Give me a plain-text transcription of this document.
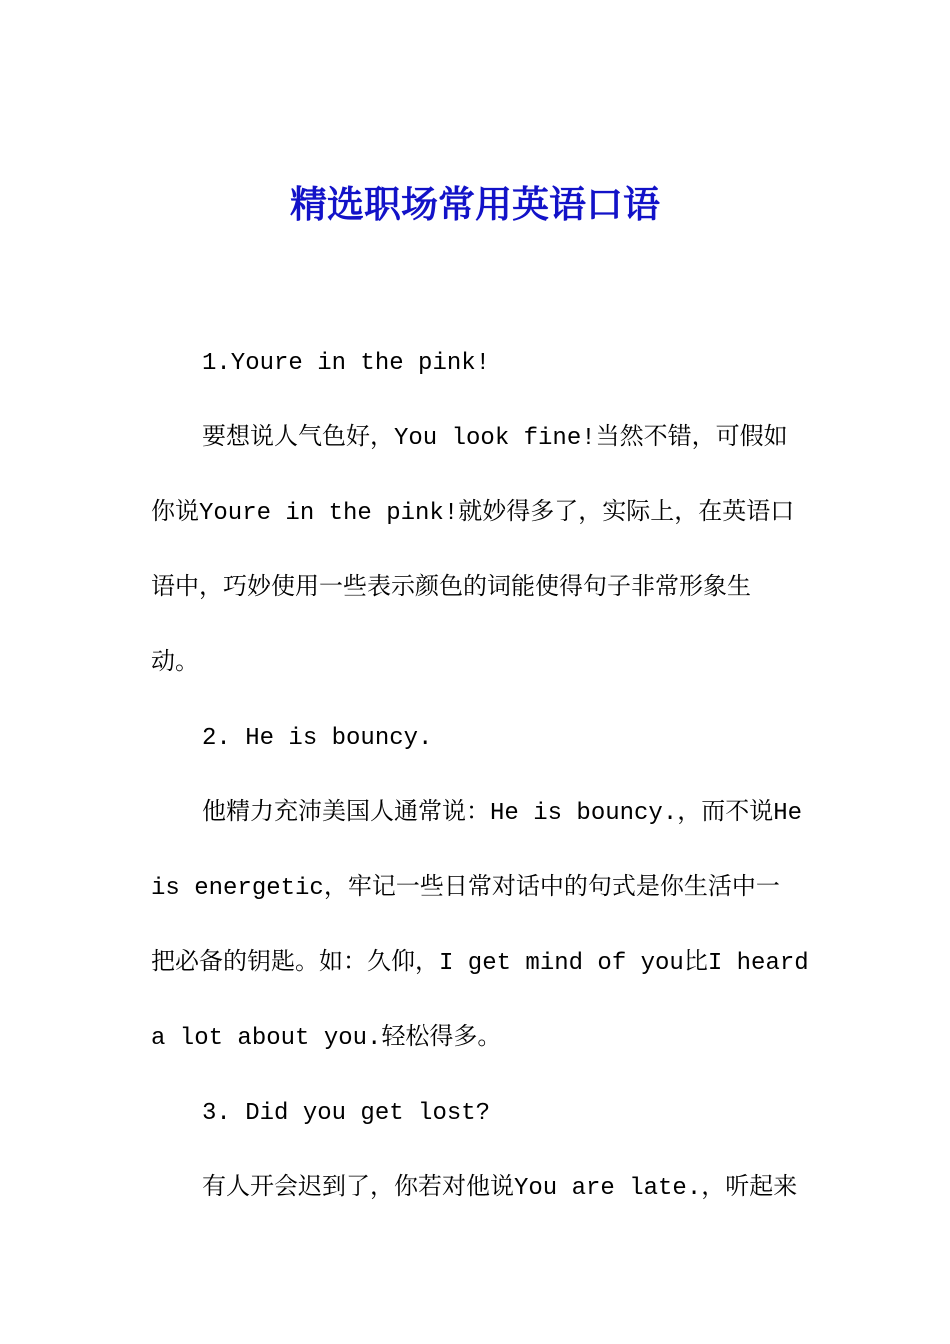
精选职场常用英语口语
1.Youre in the pink!
要想说人气色好，You look fine!当然不错，可假如
你说Youre in the pink!就妙得多了，实际上，在英语口
语中，巧妙使用一些表示颜色的词能使得句子非常形象生
动。
2. He is bouncy.
他精力充沛美国人通常说：He is bouncy.，而不说He
is energetic，牢记一些日常对话中的句式是你生活中一
把必备的钥匙。如：久仰，I get mind of you比I heard
a lot about you.轻松得多。
3. Did you get lost?
有人开会迟到了，你若对他说You are late.，听起来
